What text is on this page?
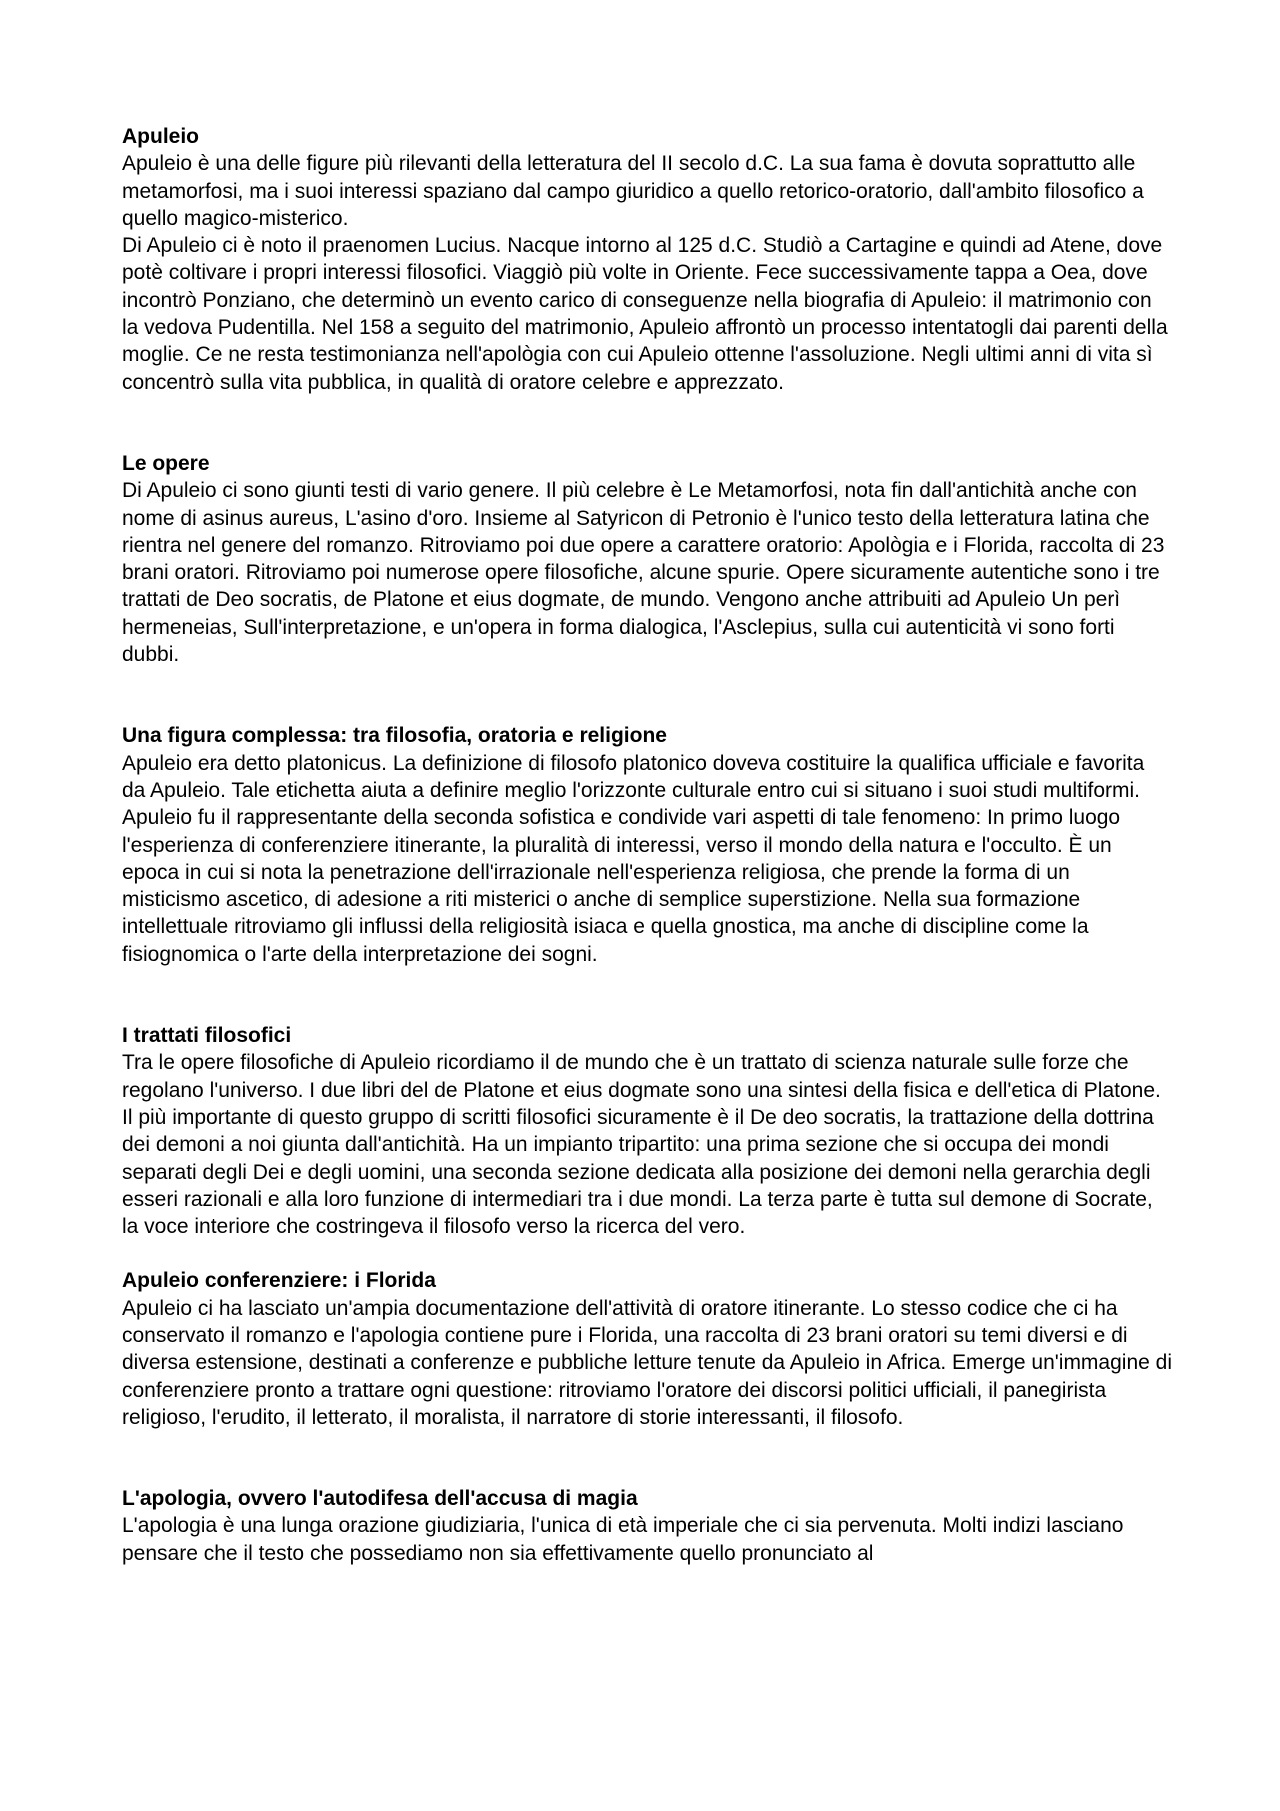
Apuleio

Apuleio è una delle figure più rilevanti della letteratura del II secolo d.C. La sua fama è dovuta soprattutto alle metamorfosi, ma i suoi interessi spaziano dal campo giuridico a quello retorico-oratorio, dall'ambito filosofico a quello magico-misterico.

Di Apuleio ci è noto il praenomen Lucius. Nacque intorno al 125 d.C. Studiò a Cartagine e quindi ad Atene, dove potè coltivare i propri interessi filosofici. Viaggiò più volte in Oriente. Fece successivamente tappa a Oea, dove incontrò Ponziano, che determinò un evento carico di conseguenze nella biografia di Apuleio: il matrimonio con la vedova Pudentilla. Nel 158 a seguito del matrimonio, Apuleio affrontò un processo intentatogli dai parenti della moglie. Ce ne resta testimonianza nell'apològia con cui Apuleio ottenne l'assoluzione. Negli ultimi anni di vita sì concentrò sulla vita pubblica, in qualità di oratore celebre e apprezzato.

Le opere

Di Apuleio ci sono giunti testi di vario genere. Il più celebre è Le Metamorfosi, nota fin dall'antichità anche con nome di asinus aureus, L'asino d'oro. Insieme al Satyricon di Petronio è l'unico testo della letteratura latina che rientra nel genere del romanzo. Ritroviamo poi due opere a carattere oratorio: Apològia e i Florida, raccolta di 23 brani oratori. Ritroviamo poi numerose opere filosofiche, alcune spurie. Opere sicuramente autentiche sono i tre trattati de Deo socratis, de Platone et eius dogmate, de mundo. Vengono anche attribuiti ad Apuleio Un perì hermeneias, Sull'interpretazione, e un'opera in forma dialogica, l'Asclepius, sulla cui autenticità vi sono forti dubbi.

Una figura complessa: tra filosofia, oratoria e religione

Apuleio era detto platonicus. La definizione di filosofo platonico doveva costituire la qualifica ufficiale e favorita da Apuleio. Tale etichetta aiuta a definire meglio l'orizzonte culturale entro cui si situano i suoi studi multiformi.

Apuleio fu il rappresentante della seconda sofistica e condivide vari aspetti di tale fenomeno: In primo luogo l'esperienza di conferenziere itinerante, la pluralità di interessi, verso il mondo della natura e l'occulto. È un epoca in cui si nota la penetrazione dell'irrazionale nell'esperienza religiosa, che prende la forma di un misticismo ascetico, di adesione a riti misterici o anche di semplice superstizione. Nella sua formazione intellettuale ritroviamo gli influssi della religiosità isiaca e quella gnostica, ma anche di discipline come la fisiognomica o l'arte della interpretazione dei sogni.

I trattati filosofici

Tra le opere filosofiche di Apuleio ricordiamo il de mundo che è un trattato di scienza naturale sulle forze che regolano l'universo. I due libri del de Platone et eius dogmate sono una sintesi della fisica e dell'etica di Platone. Il più importante di questo gruppo di scritti filosofici sicuramente è il De deo socratis, la trattazione della dottrina dei demoni a noi giunta dall'antichità. Ha un impianto tripartito: una prima sezione che si occupa dei mondi separati degli Dei e degli uomini, una seconda sezione dedicata alla posizione dei demoni nella gerarchia degli esseri razionali e alla loro funzione di intermediari tra i due mondi. La terza parte è tutta sul demone di Socrate, la voce interiore che costringeva il filosofo verso la ricerca del vero.

Apuleio conferenziere: i Florida

Apuleio ci ha lasciato un'ampia documentazione dell'attività di oratore itinerante. Lo stesso codice che ci ha conservato il romanzo e l'apologia contiene pure i Florida, una raccolta di 23 brani oratori su temi diversi e di diversa estensione, destinati a conferenze e pubbliche letture tenute da Apuleio in Africa. Emerge un'immagine di conferenziere pronto a trattare ogni questione: ritroviamo l'oratore dei discorsi politici ufficiali, il panegirista religioso, l'erudito, il letterato, il moralista, il narratore di storie interessanti, il filosofo.

L'apologia, ovvero l'autodifesa dell'accusa di magia

L'apologia è una lunga orazione giudiziaria, l'unica di età imperiale che ci sia pervenuta. Molti indizi lasciano pensare che il testo che possediamo non sia effettivamente quello pronunciato al
